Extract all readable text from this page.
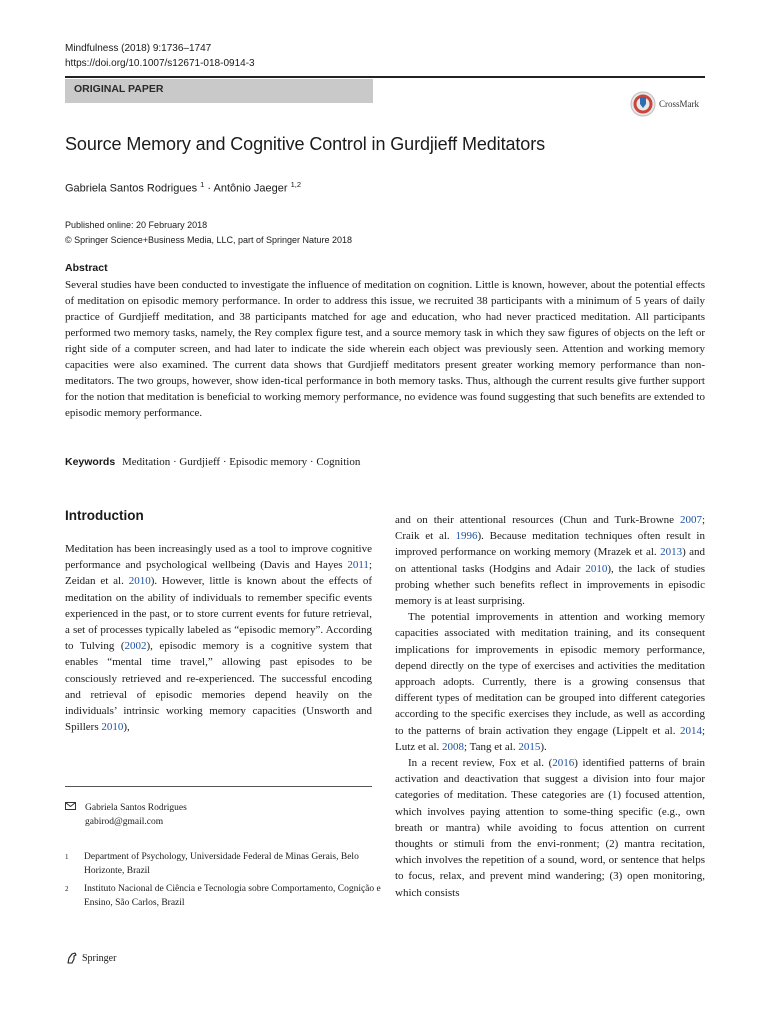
Mindfulness (2018) 9:1736–1747
https://doi.org/10.1007/s12671-018-0914-3
ORIGINAL PAPER
CrossMark
Source Memory and Cognitive Control in Gurdjieff Meditators
Gabriela Santos Rodrigues $^1$ · Antônio Jaeger $^{1,2}$
Published online: 20 February 2018
© Springer Science+Business Media, LLC, part of Springer Nature 2018
Abstract

Several studies have been conducted to investigate the influence of meditation on cognition. Little is known, however, about the potential effects of meditation on episodic memory performance. In order to address this issue, we recruited 38 participants with a minimum of 5 years of daily practice of Gurdjieff meditation, and 38 participants matched for age and education, who had never practiced meditation. All participants performed two memory tasks, namely, the Rey complex figure test, and a source memory task in which they saw figures of objects on the left or right side of a computer screen, and had later to indicate the side wherein each object was previously seen. Attention and working memory capacities were also examined. The current data shows that Gurdjieff meditators present greater working memory performance than non-meditators. The two groups, however, show iden-tical performance in both memory tasks. Thus, although the current results give further support for the notion that meditation is beneficial to working memory performance, no evidence was found suggesting that such benefits are extended to episodic memory performance.

Keywords Meditation · Gurdjieff · Episodic memory · Cognition
Introduction

Meditation has been increasingly used as a tool to improve cognitive performance and psychological wellbeing (Davis and Hayes 2011; Zeidan et al. 2010). However, little is known about the effects of meditation on the ability of individuals to remember specific events experienced in the past, or to store current events for future retrieval, a set of processes typically labeled as “episodic memory”. According to Tulving (2002), episodic memory is a cognitive system that enables “mental time travel,” allowing past episodes to be consciously retrieved and re-experienced. The successful encoding and retrieval of episodic memories depend heavily on the individuals’ intrinsic working memory capacities (Unsworth and Spillers 2010),

and on their attentional resources (Chun and Turk-Browne 2007; Craik et al. 1996). Because meditation techniques often result in improved performance on working memory (Mrazek et al. 2013) and on attentional tasks (Hodgins and Adair 2010), the lack of studies probing whether such benefits reflect in improvements in episodic memory is at least surprising.

The potential improvements in attention and working memory capacities associated with meditation training, and its consequent implications for improvements in episodic memory performance, depend directly on the type of exercises and activities the meditation approach adopts. Currently, there is a growing consensus that different types of meditation can be grouped into different categories according to the specific exercises they include, as well as according to the patterns of brain activation they engage (Lippelt et al. 2014; Lutz et al. 2008; Tang et al. 2015).

In a recent review, Fox et al. (2016) identified patterns of brain activation and deactivation that suggest a division into four major categories of meditation. These categories are (1) focused attention, which involves paying attention to some-thing specific (e.g., own breath or mantra) while avoiding to focus attention on current thoughts or stimuli from the envi-ronment; (2) mantra recitation, which involves the repetition of a sound, word, or sentence that helps to focus, relax, and prevent mind wandering; (3) open monitoring, which consists

Gabriela Santos Rodrigues
gabirod@gmail.com
1	Department of Psychology, Universidade Federal de Minas Gerais, Belo Horizonte, Brazil
2	Instituto Nacional de Ciência e Tecnologia sobre Comportamento, Cognição e Ensino, São Carlos, Brazil
Springer
